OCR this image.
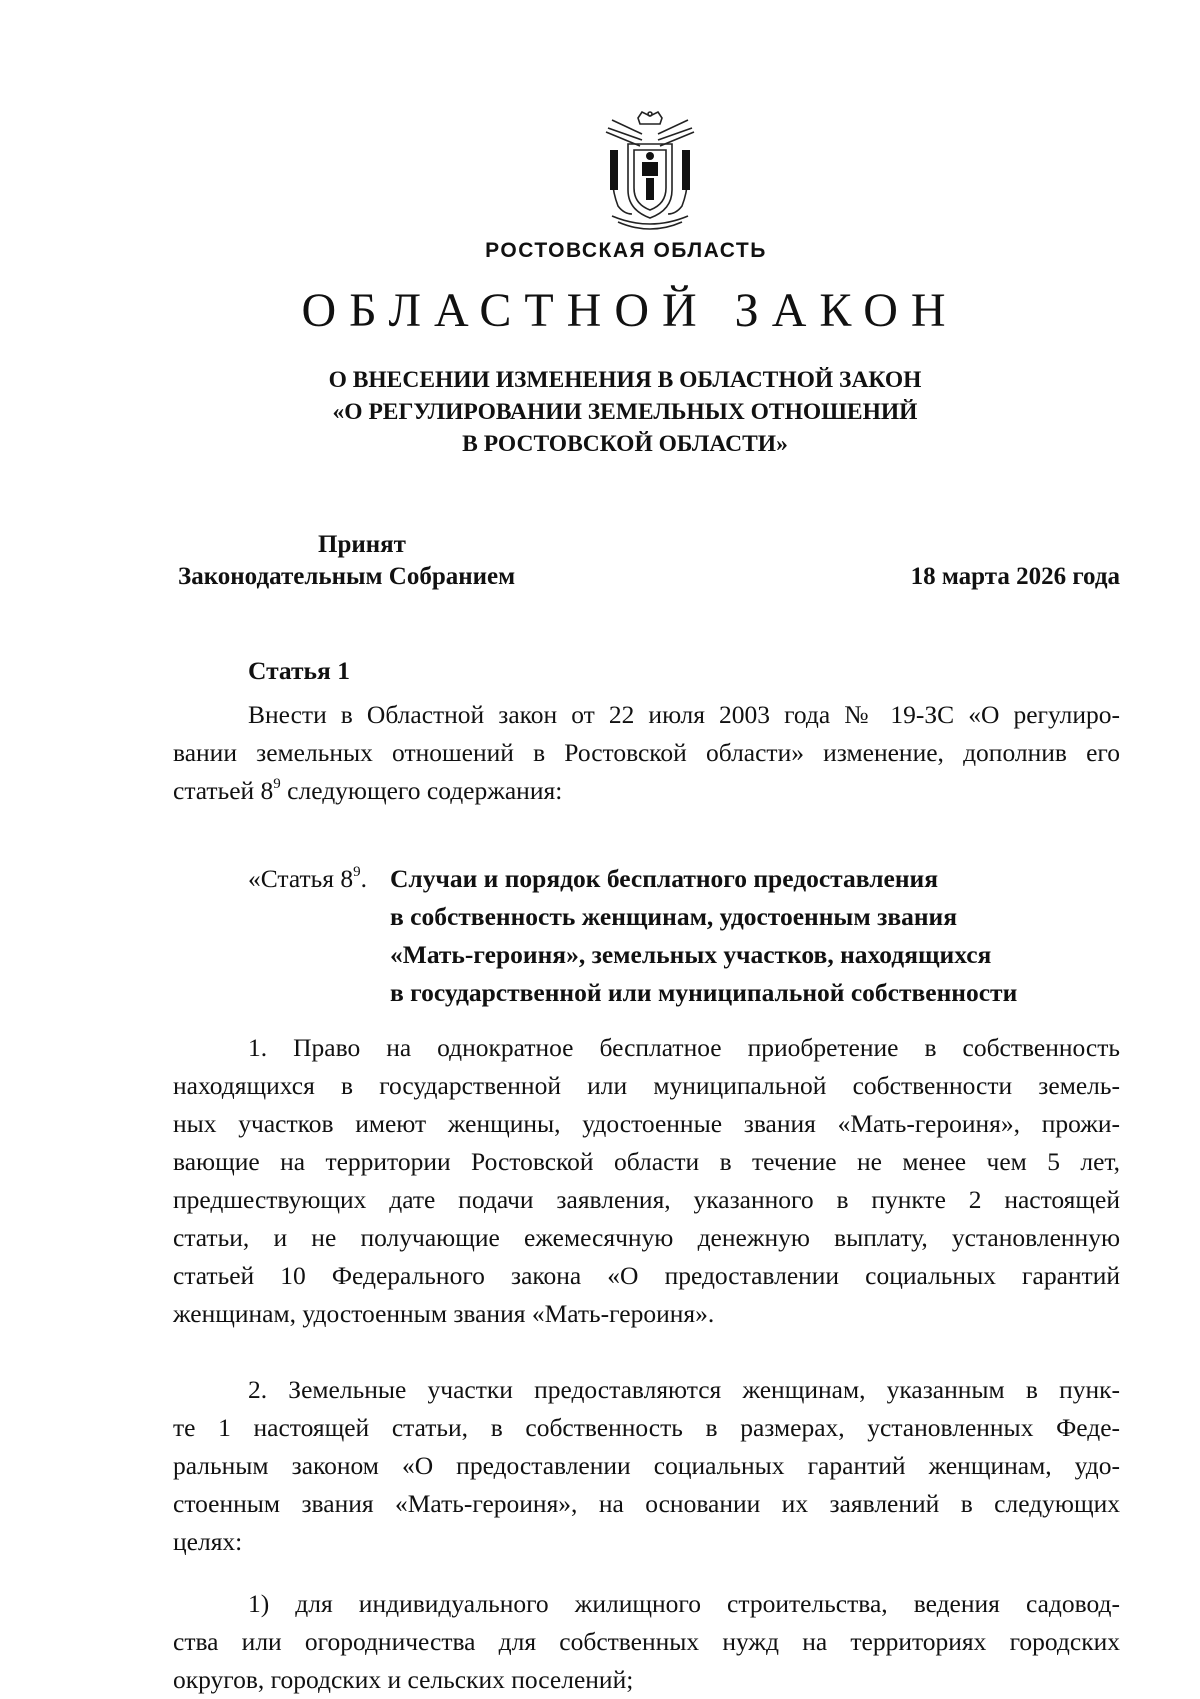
РОСТОВСКАЯ ОБЛАСТЬ
ОБЛАСТНОЙ ЗАКОН
О ВНЕСЕНИИ ИЗМЕНЕНИЯ В ОБЛАСТНОЙ ЗАКОН
«О РЕГУЛИРОВАНИИ ЗЕМЕЛЬНЫХ ОТНОШЕНИЙ
В РОСТОВСКОЙ ОБЛАСТИ»
Принят
Законодательным Собранием	18 марта 2026 года
Статья 1
Внести в Областной закон от 22 июля 2003 года № 19-ЗС «О регулиро-
вании земельных отношений в Ростовской области» изменение, дополнив его
статьей $8^9$ следующего содержания:
«Статья $8^9$. Случаи и порядок бесплатного предоставления
в собственность женщинам, удостоенным звания
«Мать-героиня», земельных участков, находящихся
в государственной или муниципальной собственности
1. Право на однократное бесплатное приобретение в собственность
находящихся в государственной или муниципальной собственности земель-
ных участков имеют женщины, удостоенные звания «Мать-героиня», прожи-
вающие на территории Ростовской области в течение не менее чем 5 лет,
предшествующих дате подачи заявления, указанного в пункте 2 настоящей
статьи, и не получающие ежемесячную денежную выплату, установленную
статьей 10 Федерального закона «О предоставлении социальных гарантий
женщинам, удостоенным звания «Мать-героиня».
2. Земельные участки предоставляются женщинам, указанным в пунк-
те 1 настоящей статьи, в собственность в размерах, установленных Феде-
ральным законом «О предоставлении социальных гарантий женщинам, удо-
стоенным звания «Мать-героиня», на основании их заявлений в следующих
целях:
1) для индивидуального жилищного строительства, ведения садовод-
ства или огородничества для собственных нужд на территориях городских
округов, городских и сельских поселений;
